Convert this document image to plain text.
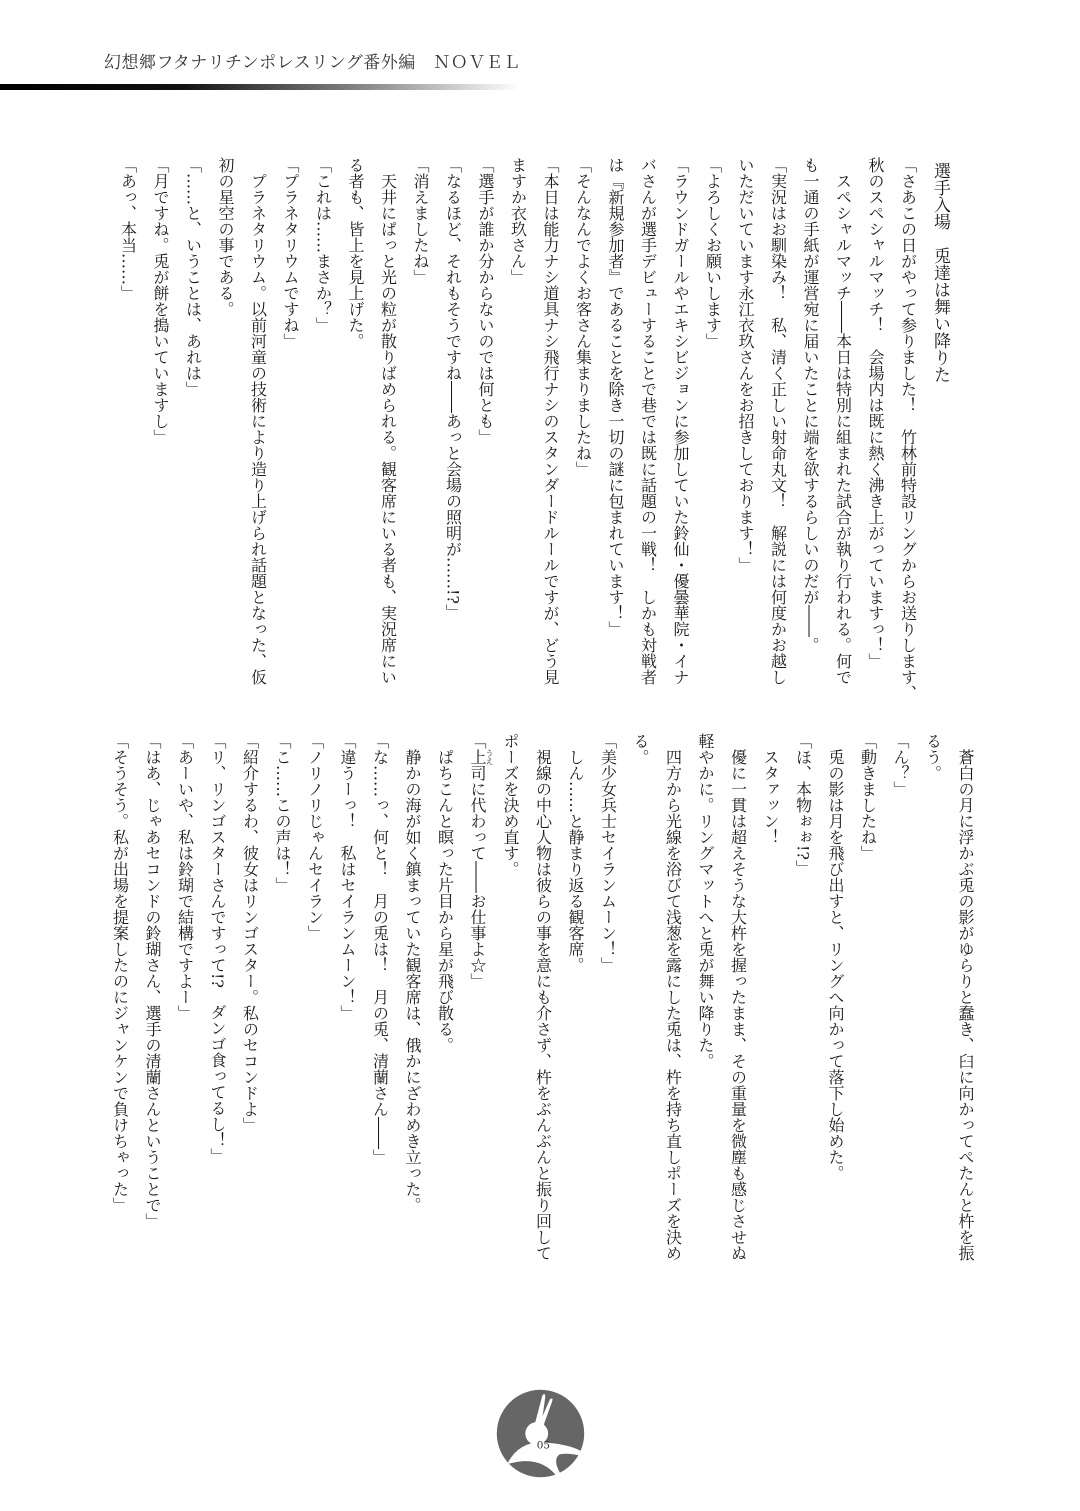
幻想郷フタナリチンポレスリング番外編　ＮＯＶＥＬ
選手入場　兎達は舞い降りた
「さあこの日がやって参りました！　竹林前特設リングからお送りします、
秋のスペシャルマッチ！　会場内は既に熱く沸き上がっていますっ！」
　スペシャルマッチ――本日は特別に組まれた試合が執り行われる。何で
も一通の手紙が運営宛に届いたことに端を欲するらしいのだが――。
「実況はお馴染み！　私、清く正しい射命丸文！　解説には何度かお越し
いただいています永江衣玖さんをお招きしております！」
「よろしくお願いします」
「ラウンドガールやエキシビジョンに参加していた鈴仙・優曇華院・イナ
バさんが選手デビューすることで巷では既に話題の一戦！　しかも対戦者
は『新規参加者』であることを除き一切の謎に包まれています！」
「そんなんでよくお客さん集まりましたね」
「本日は能力ナシ道具ナシ飛行ナシのスタンダードルールですが、どう見
ますか衣玖さん」
「選手が誰か分からないのでは何とも」
「なるほど、それもそうですね――あっと会場の照明が……!?」
「消えましたね」
　天井にぱっと光の粒が散りばめられる。観客席にいる者も、実況席にい
る者も、皆上を見上げた。
「これは……まさか？」
「プラネタリウムですね」
　プラネタリウム。以前河童の技術により造り上げられ話題となった、仮
初の星空の事である。
「……と、いうことは、あれは」
「月ですね。兎が餅を搗いていますし」
「あっ、本当……」
　蒼白の月に浮かぶ兎の影がゆらりと蠢き、臼に向かってぺたんと杵を振
るう。
「ん？」
「動きましたね」
　兎の影は月を飛び出すと、リングへ向かって落下し始めた。
「ほ、本物ぉぉ!?」
　スタァッン！
　優に一貫は超えそうな大杵を握ったまま、その重量を微塵も感じさせぬ
軽やかに。リングマットへと兎が舞い降りた。
　四方から光線を浴びて浅葱を露にした兎は、杵を持ち直しポーズを決め
る。
「美少女兵士セイランムーン！」
　しん……と静まり返る観客席。
　視線の中心人物は彼らの事を意にも介さず、杵をぶんぶんと振り回して
ポーズを決め直す。
「上うえ司に代わって――お仕事よ☆」
　ぱちこんと瞑った片目から星が飛び散る。
　静かの海が如く鎮まっていた観客席は、俄かにざわめき立った。
「な……っ、何と！　月の兎は！　月の兎、清蘭さん――」
「違うーっ！　私はセイランムーン！」
「ノリノリじゃんセイラン」
「こ……この声は！」
「紹介するわ、彼女はリンゴスター。私のセコンドよ」
「リ、リンゴスターさんですって!?　ダンゴ食ってるし！」
「あーいや、私は鈴瑚で結構ですよー」
「はあ、じゃあセコンドの鈴瑚さん、選手の清蘭さんということで」
「そうそう。私が出場を提案したのにジャンケンで負けちゃった」
05
